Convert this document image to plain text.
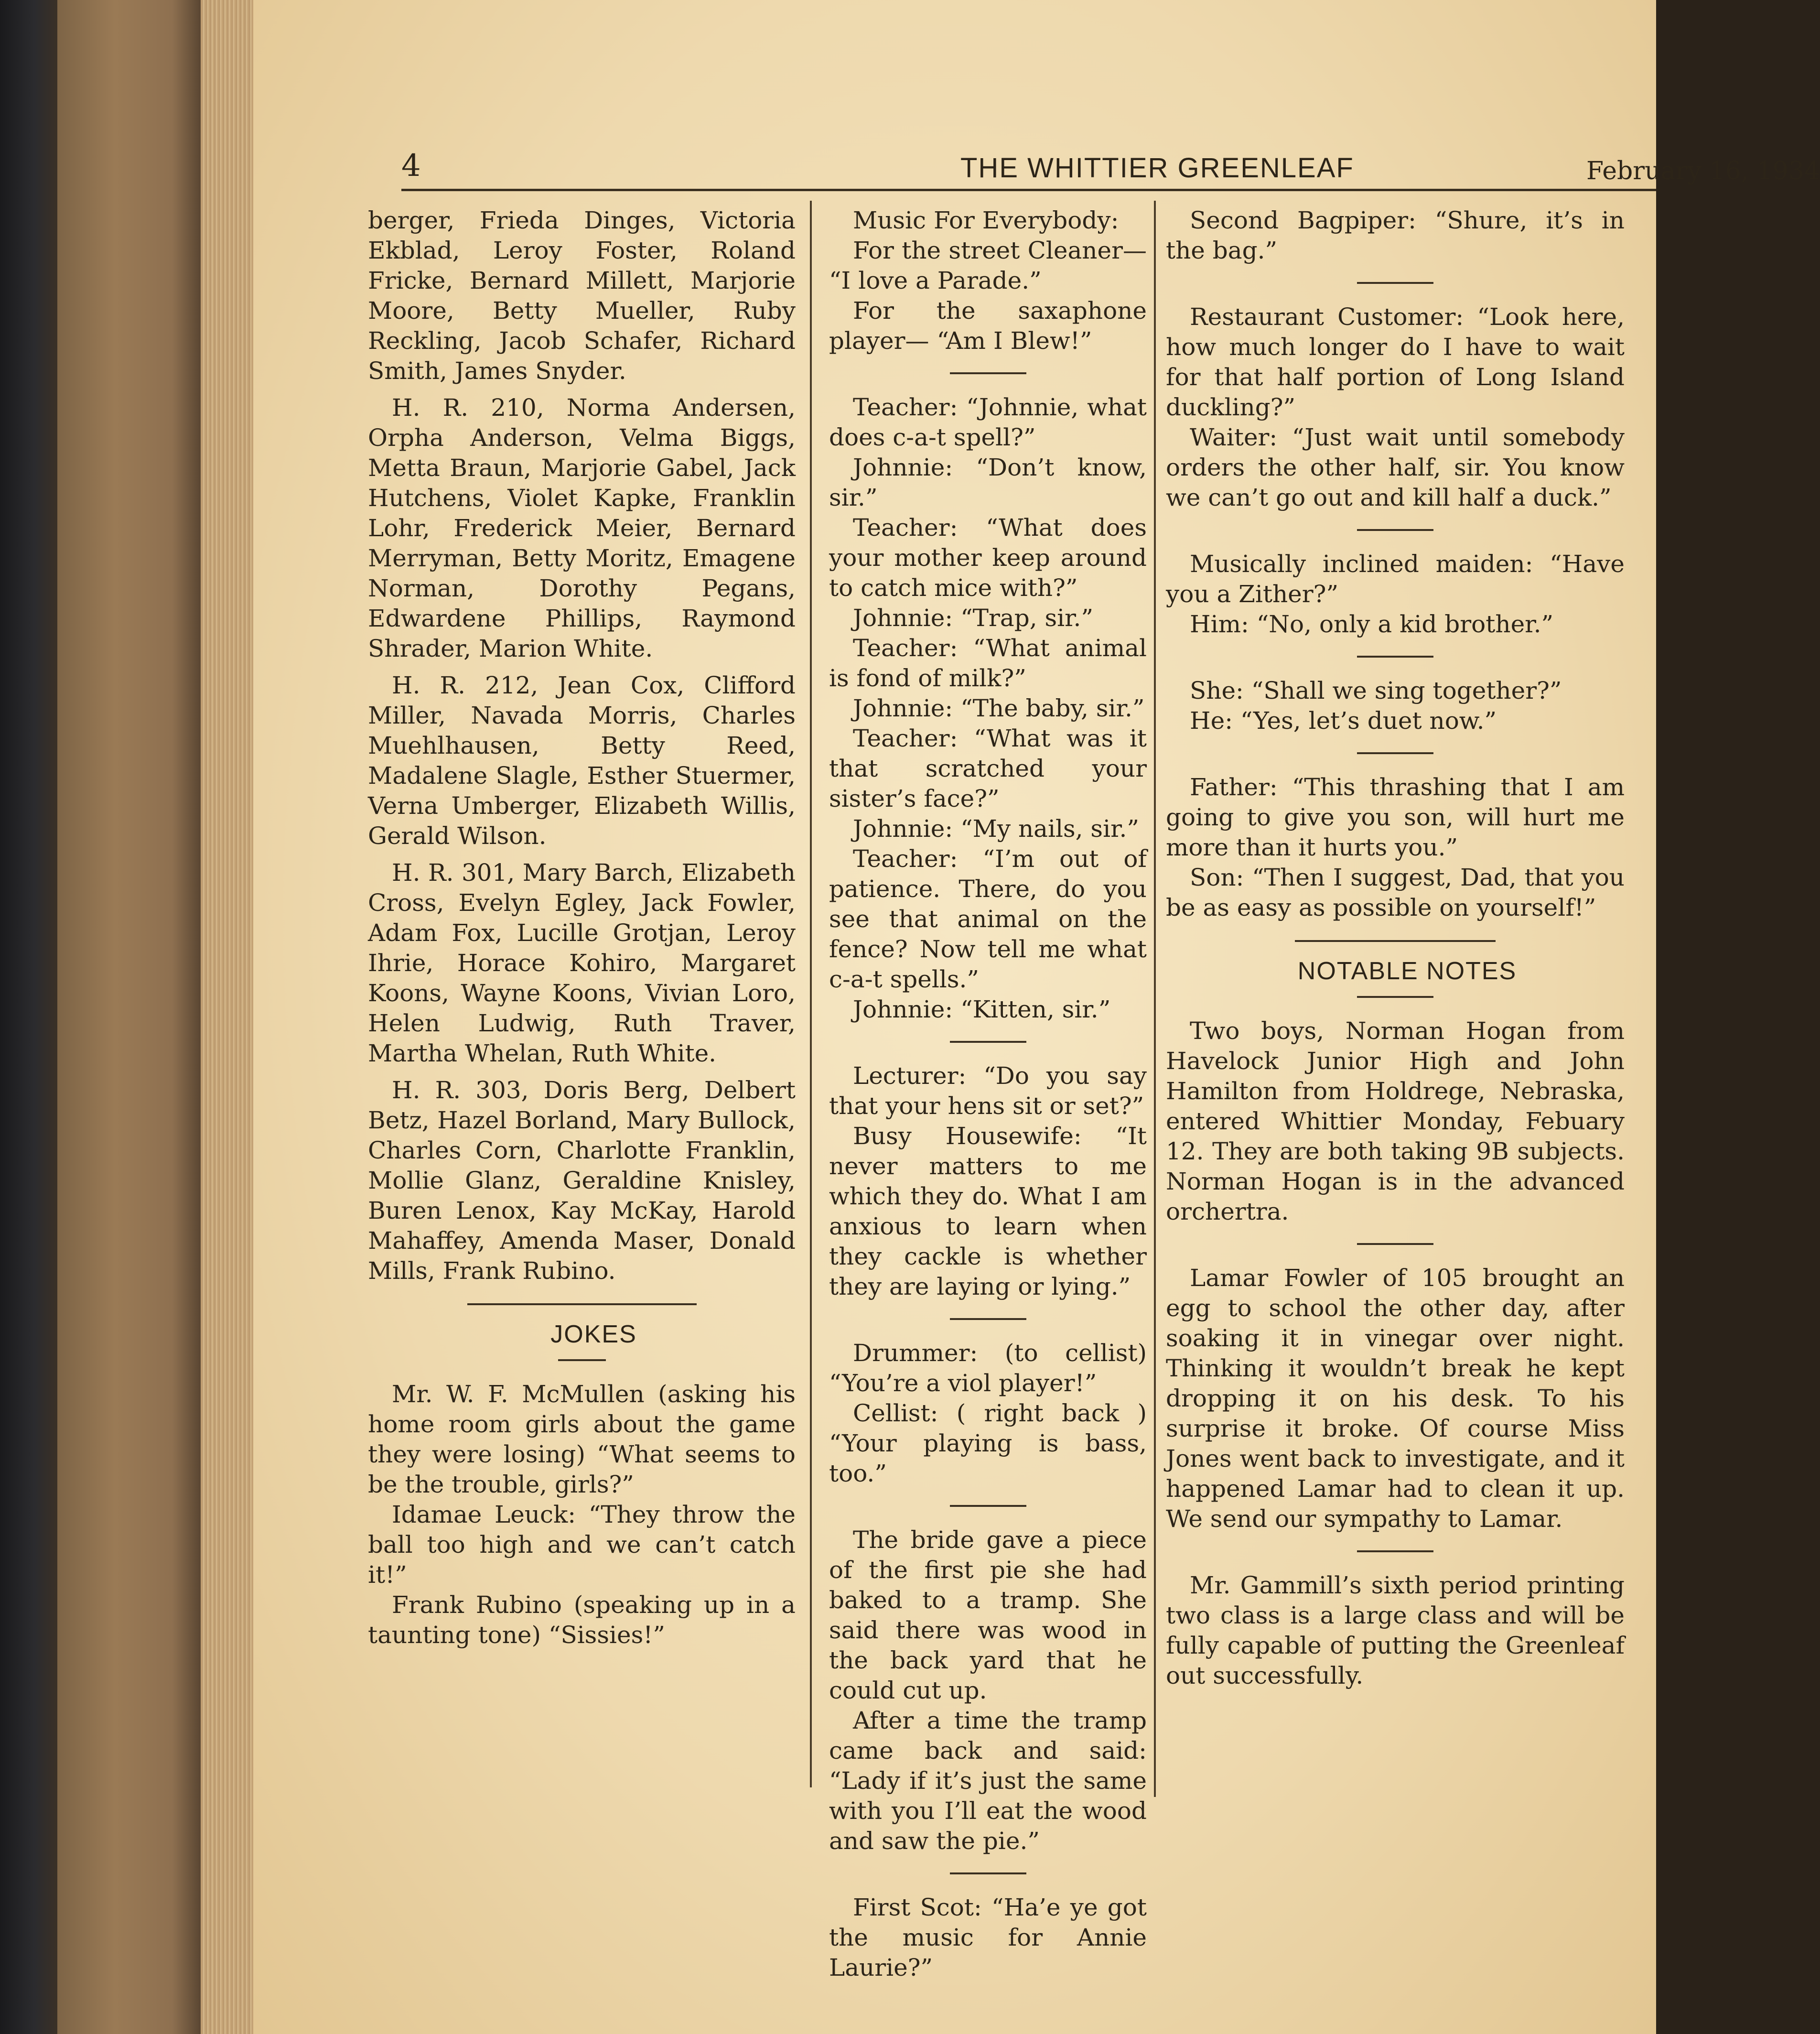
4	THE WHITTIER GREENLEAF	February 16, 1934

berger, Frieda Dinges, Victoria Ekblad, Leroy Foster, Roland Fricke, Bernard Millett, Marjorie Moore, Betty Mueller, Ruby Reckling, Jacob Schafer, Richard Smith, James Snyder.

H. R. 210, Norma Andersen, Orpha Anderson, Velma Biggs, Metta Braun, Marjorie Gabel, Jack Hutchens, Violet Kapke, Franklin Lohr, Frederick Meier, Bernard Merryman, Betty Moritz, Emagene Norman, Dorothy Pegans, Edwardene Phillips, Raymond Shrader, Marion White.

H. R. 212, Jean Cox, Clifford Miller, Navada Morris, Charles Muehlhausen, Betty Reed, Madalene Slagle, Esther Stuermer, Verna Umberger, Elizabeth Willis, Gerald Wilson.

H. R. 301, Mary Barch, Elizabeth Cross, Evelyn Egley, Jack Fowler, Adam Fox, Lucille Grotjan, Leroy Ihrie, Horace Kohiro, Margaret Koons, Wayne Koons, Vivian Loro, Helen Ludwig, Ruth Traver, Martha Whelan, Ruth White.

H. R. 303, Doris Berg, Delbert Betz, Hazel Borland, Mary Bullock, Charles Corn, Charlotte Franklin, Mollie Glanz, Geraldine Knisley, Buren Lenox, Kay McKay, Harold Mahaffey, Amenda Maser, Donald Mills, Frank Rubino.

JOKES

Mr. W. F. McMullen (asking his home room girls about the game they were losing) “What seems to be the trouble, girls?”

Idamae Leuck: “They throw the ball too high and we can’t catch it!”

Frank Rubino (speaking up in a taunting tone) “Sissies!”

Music For Everybody:

For the street Cleaner— “I love a Parade.”

For the saxaphone player— “Am I Blew!”

Teacher: “Johnnie, what does c-a-t spell?”

Johnnie: “Don’t know, sir.”

Teacher: “What does your mother keep around to catch mice with?”

Johnnie: “Trap, sir.”

Teacher: “What animal is fond of milk?”

Johnnie: “The baby, sir.”

Teacher: “What was it that scratched your sister’s face?”

Johnnie: “My nails, sir.”

Teacher: “I’m out of patience. There, do you see that animal on the fence? Now tell me what c-a-t spells.”

Johnnie: “Kitten, sir.”

Lecturer: “Do you say that your hens sit or set?”

Busy Housewife: “It never matters to me which they do. What I am anxious to learn when they cackle is whether they are laying or lying.”

Drummer: (to cellist) “You’re a viol player!”

Cellist: ( right back ) “Your playing is bass, too.”

The bride gave a piece of the first pie she had baked to a tramp. She said there was wood in the back yard that he could cut up.

After a time the tramp came back and said: “Lady if it’s just the same with you I’ll eat the wood and saw the pie.”

First Scot: “Ha’e ye got the music for Annie Laurie?”

Second Bagpiper: “Shure, it’s in the bag.”

Restaurant Customer: “Look here, how much longer do I have to wait for that half portion of Long Island duckling?”

Waiter: “Just wait until somebody orders the other half, sir. You know we can’t go out and kill half a duck.”

Musically inclined maiden: “Have you a Zither?”

Him: “No, only a kid brother.”

She: “Shall we sing together?”

He: “Yes, let’s duet now.”

Father: “This thrashing that I am going to give you son, will hurt me more than it hurts you.”

Son: “Then I suggest, Dad, that you be as easy as possible on yourself!”

NOTABLE NOTES

Two boys, Norman Hogan from Havelock Junior High and John Hamilton from Holdrege, Nebraska, entered Whittier Monday, Febuary 12. They are both taking 9B subjects. Norman Hogan is in the advanced orchertra.

Lamar Fowler of 105 brought an egg to school the other day, after soaking it in vinegar over night. Thinking it wouldn’t break he kept dropping it on his desk. To his surprise it broke. Of course Miss Jones went back to investigate, and it happened Lamar had to clean it up. We send our sympathy to Lamar.

Mr. Gammill’s sixth period printing two class is a large class and will be fully capable of putting the Greenleaf out successfully.
